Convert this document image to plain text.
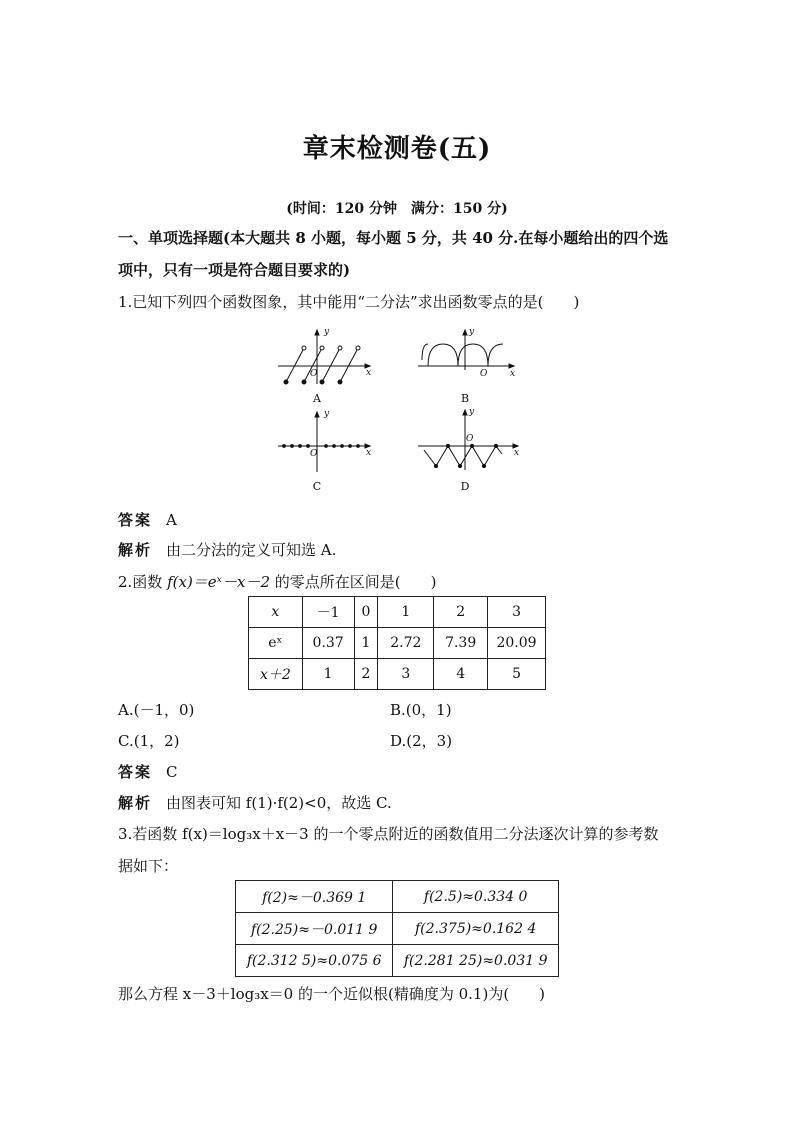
章末检测卷(五)
(时间：120 分钟　满分：150 分)
一、单项选择题(本大题共 8 小题，每小题 5 分，共 40 分.在每小题给出的四个选
项中，只有一项是符合题目要求的)
1.已知下列四个函数图象，其中能用“二分法”求出函数零点的是(　　)
y
x
O
A
y
x
O
B
y
x
O
C
y
x
O
D
答案 A
解析 由二分法的定义可知选 A.
2.函数 f(x)＝eˣ－x－2 的零点所在区间是(　　)
x	－1	0	1	2	3
eˣ	0.37	1	2.72	7.39	20.09
x＋2	1	2	3	4	5
A.(－1，0)	B.(0，1)
C.(1，2)	D.(2，3)
答案 C
解析 由图表可知 f(1)·f(2)<0，故选 C.
3.若函数 f(x)＝log₃x＋x－3 的一个零点附近的函数值用二分法逐次计算的参考数
据如下：
f(2)≈－0.369 1	f(2.5)≈0.334 0
f(2.25)≈－0.011 9	f(2.375)≈0.162 4
f(2.312 5)≈0.075 6	f(2.281 25)≈0.031 9
那么方程 x－3＋log₃x＝0 的一个近似根(精确度为 0.1)为(　　)
